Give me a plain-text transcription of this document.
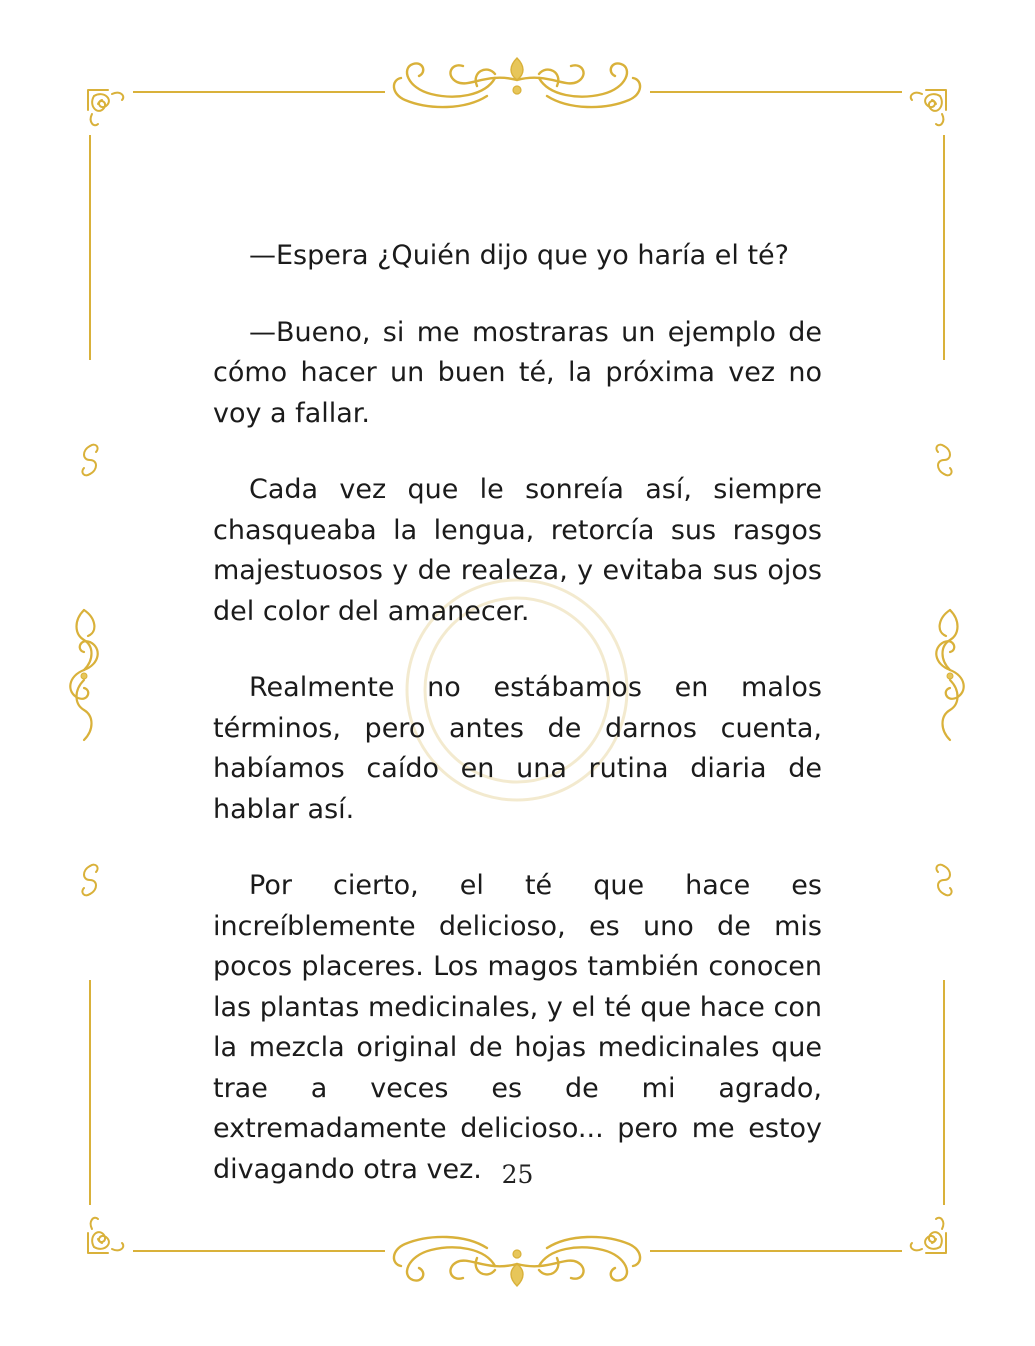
—Espera ¿Quién dijo que yo haría el té?

—Bueno, si me mostraras un ejemplo de cómo hacer un buen té, la próxima vez no voy a fallar.

Cada vez que le sonreía así, siempre chasqueaba la lengua, retorcía sus rasgos majestuosos y de realeza, y evitaba sus ojos del color del amanecer.

Realmente no estábamos en malos términos, pero antes de darnos cuenta, habíamos caído en una rutina diaria de hablar así.

Por cierto, el té que hace es increíblemente delicioso, es uno de mis pocos placeres. Los magos también conocen las plantas medicinales, y el té que hace con la mezcla original de hojas medicinales que trae a veces es de mi agrado, extremadamente delicioso... pero me estoy divagando otra vez. 25
